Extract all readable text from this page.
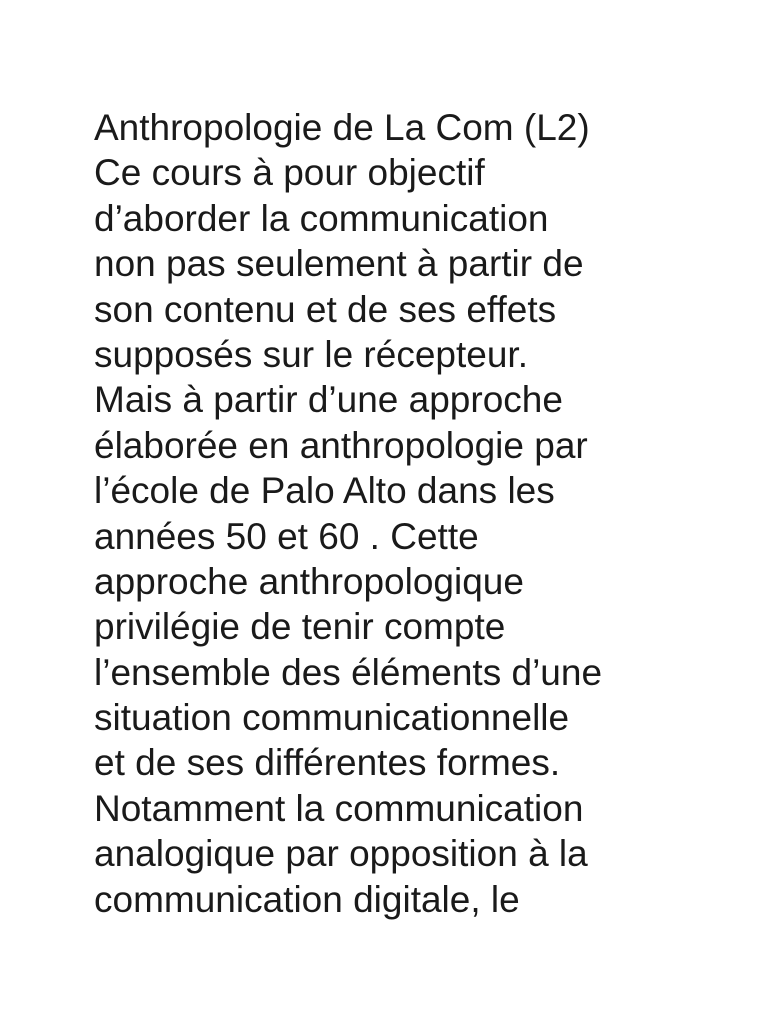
Anthropologie de La Com (L2)
Ce cours à pour objectif
d’aborder la communication
non pas seulement à partir de
son contenu et de ses effets
supposés sur le récepteur.
Mais à partir d’une approche
élaborée en anthropologie par
l’école de Palo Alto dans les
années 50 et 60 . Cette
approche anthropologique
privilégie de tenir compte
l’ensemble des éléments d’une
situation communicationnelle
et de ses différentes formes.
Notamment la communication
analogique par opposition à la
communication digitale, le
